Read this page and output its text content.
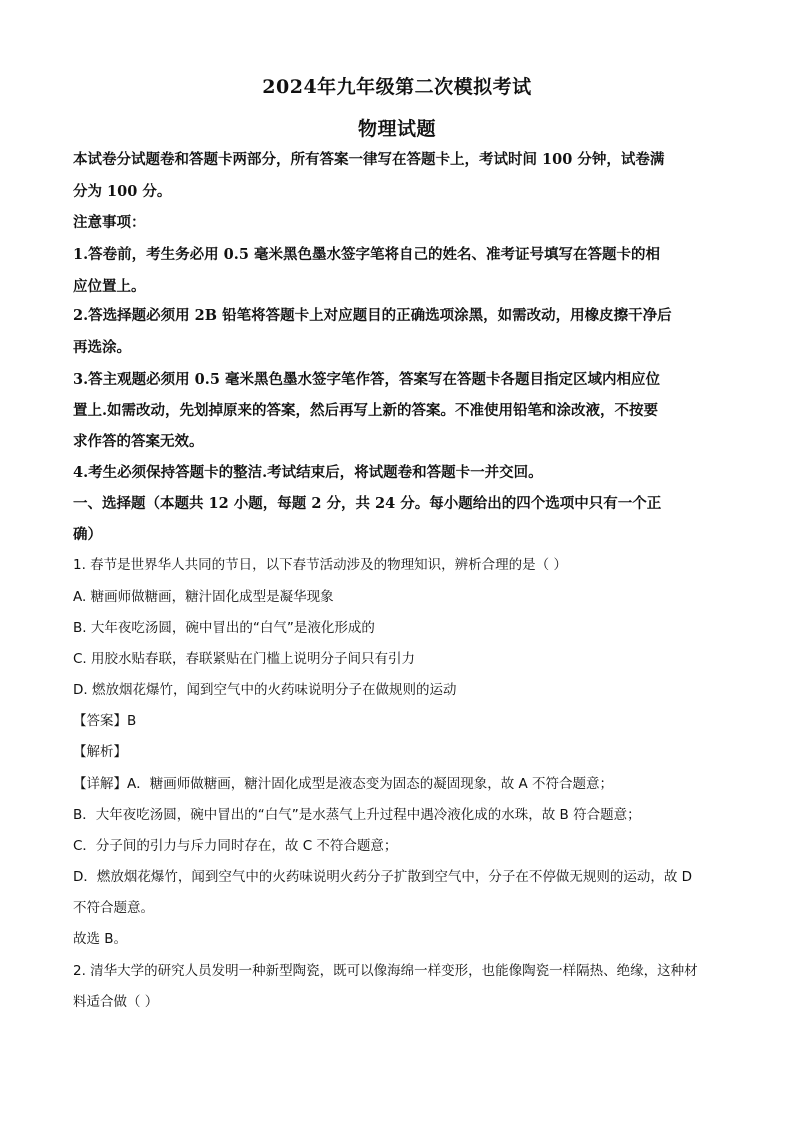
2024年九年级第二次模拟考试
物理试题
本试卷分试题卷和答题卡两部分，所有答案一律写在答题卡上，考试时间 100 分钟，试卷满
分为 100 分。
注意事项：
1.答卷前，考生务必用 0.5 毫米黑色墨水签字笔将自己的姓名、准考证号填写在答题卡的相
应位置上。
2.答选择题必须用 2B 铅笔将答题卡上对应题目的正确选项涂黑，如需改动，用橡皮擦干净后
再选涂。
3.答主观题必须用 0.5 毫米黑色墨水签字笔作答，答案写在答题卡各题目指定区域内相应位
置上.如需改动，先划掉原来的答案，然后再写上新的答案。不准使用铅笔和涂改液，不按要
求作答的答案无效。
4.考生必须保持答题卡的整洁.考试结束后，将试题卷和答题卡一并交回。
一、选择题（本题共 12 小题，每题 2 分，共 24 分。每小题给出的四个选项中只有一个正
确）
1. 春节是世界华人共同的节日，以下春节活动涉及的物理知识，辨析合理的是（ ）
A. 糖画师做糖画，糖汁固化成型是凝华现象
B. 大年夜吃汤圆，碗中冒出的“白气”是液化形成的
C. 用胶水贴春联，春联紧贴在门槛上说明分子间只有引力
D. 燃放烟花爆竹，闻到空气中的火药味说明分子在做规则的运动
【答案】B
【解析】
【详解】A．糖画师做糖画，糖汁固化成型是液态变为固态的凝固现象，故 A 不符合题意；
B．大年夜吃汤圆，碗中冒出的“白气”是水蒸气上升过程中遇冷液化成的水珠，故 B 符合题意；
C．分子间的引力与斥力同时存在，故 C 不符合题意；
D．燃放烟花爆竹，闻到空气中的火药味说明火药分子扩散到空气中，分子在不停做无规则的运动，故 D
不符合题意。
故选 B。
2. 清华大学的研究人员发明一种新型陶瓷，既可以像海绵一样变形，也能像陶瓷一样隔热、绝缘，这种材
料适合做（ ）
